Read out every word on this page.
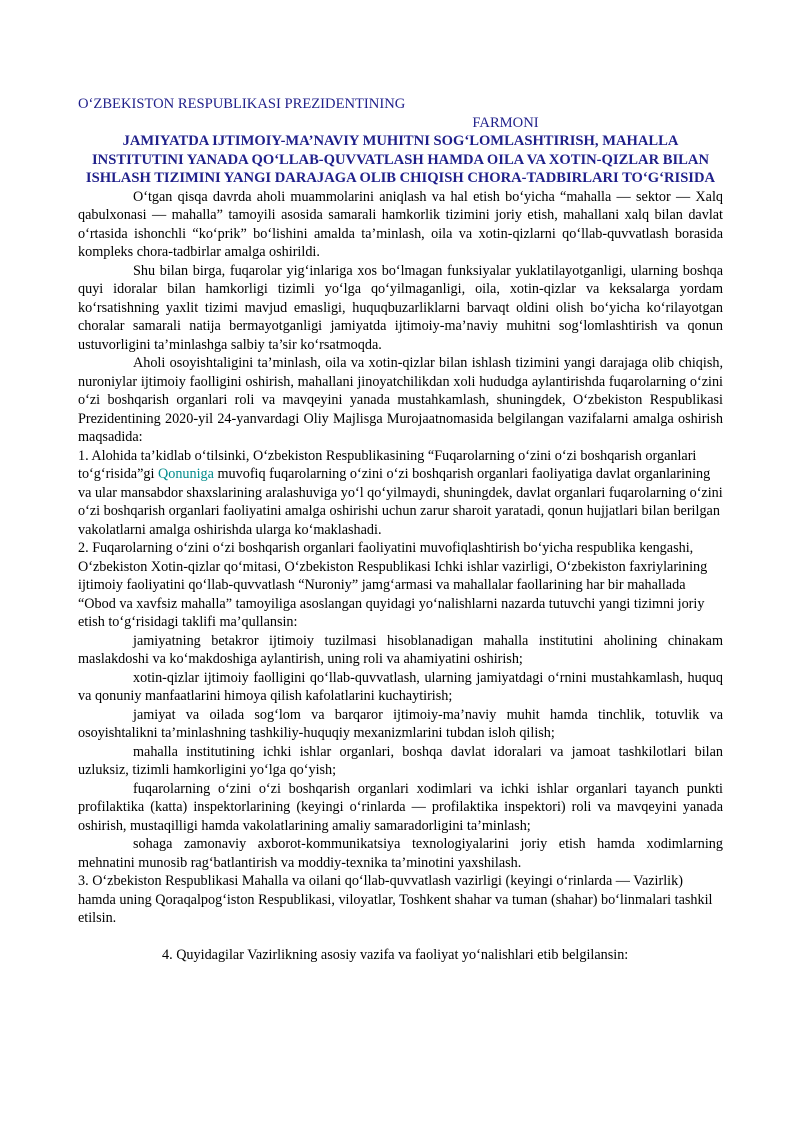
O‘ZBEKISTON RESPUBLIKASI PREZIDENTINING
FARMONI
JAMIYATDA IJTIMOIY-MA’NAVIY MUHITNI SOG‘LOMLASHTIRISH, MAHALLA INSTITUTINI YANADA QO‘LLAB-QUVVATLASH HAMDA OILA VA XOTIN-QIZLAR BILAN ISHLASH TIZIMINI YANGI DARAJAGA OLIB CHIQISH CHORA-TADBIRLARI TO‘G‘RISIDA
O‘tgan qisqa davrda aholi muammolarini aniqlash va hal etish bo‘yicha “mahalla — sektor — Xalq qabulxonasi — mahalla” tamoyili asosida samarali hamkorlik tizimini joriy etish, mahallani xalq bilan davlat o‘rtasida ishonchli “ko‘prik” bo‘lishini amalda ta’minlash, oila va xotin-qizlarni qo‘llab-quvvatlash borasida kompleks chora-tadbirlar amalga oshirildi.
Shu bilan birga, fuqarolar yig‘inlariga xos bo‘lmagan funksiyalar yuklatilayotganligi, ularning boshqa quyi idoralar bilan hamkorligi tizimli yo‘lga qo‘yilmaganligi, oila, xotin-qizlar va keksalarga yordam ko‘rsatishning yaxlit tizimi mavjud emasligi, huquqbuzarliklarni barvaqt oldini olish bo‘yicha ko‘rilayotgan choralar samarali natija bermayotganligi jamiyatda ijtimoiy-ma’naviy muhitni sog‘lomlashtirish va qonun ustuvorligini ta’minlashga salbiy ta’sir ko‘rsatmoqda.
Aholi osoyishtaligini ta’minlash, oila va xotin-qizlar bilan ishlash tizimini yangi darajaga olib chiqish, nuroniylar ijtimoiy faolligini oshirish, mahallani jinoyatchilikdan xoli hududga aylantirishda fuqarolarning o‘zini o‘zi boshqarish organlari roli va mavqeyini yanada mustahkamlash, shuningdek, O‘zbekiston Respublikasi Prezidentining 2020-yil 24-yanvardagi Oliy Majlisga Murojaatnomasida belgilangan vazifalarni amalga oshirish maqsadida:
1. Alohida ta’kidlab o‘tilsinki, O‘zbekiston Respublikasining “Fuqarolarning o‘zini o‘zi boshqarish organlari to‘g‘risida”gi Qonuniga muvofiq fuqarolarning o‘zini o‘zi boshqarish organlari faoliyatiga davlat organlarining va ular mansabdor shaxslarining aralashuviga yo‘l qo‘yilmaydi, shuningdek, davlat organlari fuqarolarning o‘zini o‘zi boshqarish organlari faoliyatini amalga oshirishi uchun zarur sharoit yaratadi, qonun hujjatlari bilan berilgan vakolatlarni amalga oshirishda ularga ko‘maklashadi.
2. Fuqarolarning o‘zini o‘zi boshqarish organlari faoliyatini muvofiqlashtirish bo‘yicha respublika kengashi, O‘zbekiston Xotin-qizlar qo‘mitasi, O‘zbekiston Respublikasi Ichki ishlar vazirligi, O‘zbekiston faxriylarining ijtimoiy faoliyatini qo‘llab-quvvatlash “Nuroniy” jamg‘armasi va mahallalar faollarining har bir mahallada “Obod va xavfsiz mahalla” tamoyiliga asoslangan quyidagi yo‘nalishlarni nazarda tutuvchi yangi tizimni joriy etish to‘g‘risidagi taklifi ma’qullansin:
jamiyatning betakror ijtimoiy tuzilmasi hisoblanadigan mahalla institutini aholining chinakam maslakdoshi va ko‘makdoshiga aylantirish, uning roli va ahamiyatini oshirish;
xotin-qizlar ijtimoiy faolligini qo‘llab-quvvatlash, ularning jamiyatdagi o‘rnini mustahkamlash, huquq va qonuniy manfaatlarini himoya qilish kafolatlarini kuchaytirish;
jamiyat va oilada sog‘lom va barqaror ijtimoiy-ma’naviy muhit hamda tinchlik, totuvlik va osoyishtalikni ta’minlashning tashkiliy-huquqiy mexanizmlarini tubdan isloh qilish;
mahalla institutining ichki ishlar organlari, boshqa davlat idoralari va jamoat tashkilotlari bilan uzluksiz, tizimli hamkorligini yo‘lga qo‘yish;
fuqarolarning o‘zini o‘zi boshqarish organlari xodimlari va ichki ishlar organlari tayanch punkti profilaktika (katta) inspektorlarining (keyingi o‘rinlarda — profilaktika inspektori) roli va mavqeyini yanada oshirish, mustaqilligi hamda vakolatlarining amaliy samaradorligini ta’minlash;
sohaga zamonaviy axborot-kommunikatsiya texnologiyalarini joriy etish hamda xodimlarning mehnatini munosib rag‘batlantirish va moddiy-texnika ta’minotini yaxshilash.
3. O‘zbekiston Respublikasi Mahalla va oilani qo‘llab-quvvatlash vazirligi (keyingi o‘rinlarda — Vazirlik) hamda uning Qoraqalpog‘iston Respublikasi, viloyatlar, Toshkent shahar va tuman (shahar) bo‘linmalari tashkil etilsin.
4. Quyidagilar Vazirlikning asosiy vazifa va faoliyat yo‘nalishlari etib belgilansin:
